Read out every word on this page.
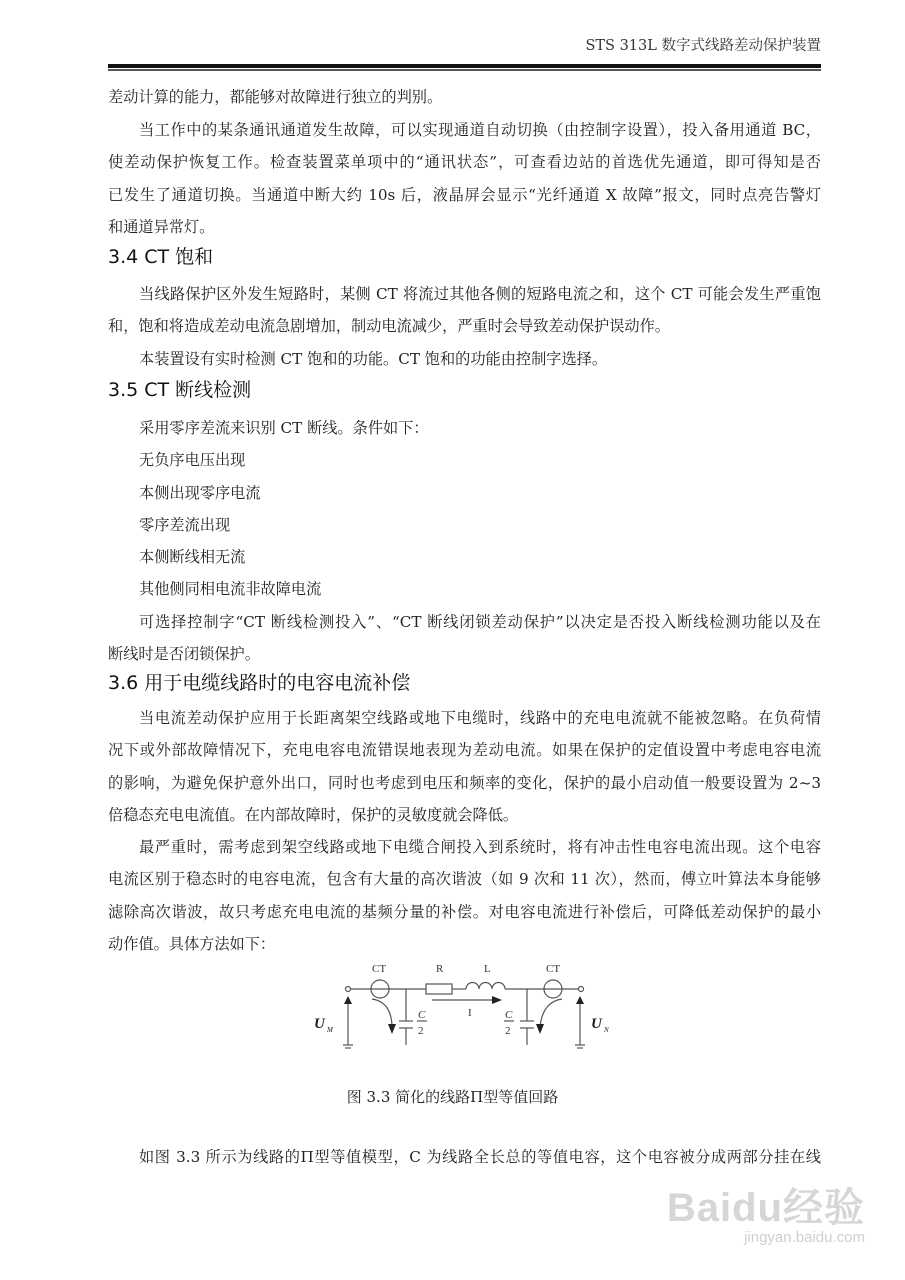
STS 313L 数字式线路差动保护装置
差动计算的能力，都能够对故障进行独立的判别。
当工作中的某条通讯通道发生故障，可以实现通道自动切换（由控制字设置），投入备用通道 BC，
使差动保护恢复工作。检查装置菜单项中的“通讯状态”，可查看边站的首选优先通道，即可得知是否
已发生了通道切换。当通道中断大约 10s 后，液晶屏会显示“光纤通道 X 故障”报文，同时点亮告警灯
和通道异常灯。
3.4 CT 饱和
当线路保护区外发生短路时，某侧 CT 将流过其他各侧的短路电流之和，这个 CT 可能会发生严重饱
和，饱和将造成差动电流急剧增加，制动电流减少，严重时会导致差动保护误动作。
本装置设有实时检测 CT 饱和的功能。CT 饱和的功能由控制字选择。
3.5 CT 断线检测
采用零序差流来识别 CT 断线。条件如下：
无负序电压出现
本侧出现零序电流
零序差流出现
本侧断线相无流
其他侧同相电流非故障电流
可选择控制字“CT 断线检测投入”、“CT 断线闭锁差动保护”以决定是否投入断线检测功能以及在
断线时是否闭锁保护。
3.6 用于电缆线路时的电容电流补偿
当电流差动保护应用于长距离架空线路或地下电缆时，线路中的充电电流就不能被忽略。在负荷情
况下或外部故障情况下，充电电容电流错误地表现为差动电流。如果在保护的定值设置中考虑电容电流
的影响，为避免保护意外出口，同时也考虑到电压和频率的变化，保护的最小启动值一般要设置为 2~3
倍稳态充电电流值。在内部故障时，保护的灵敏度就会降低。
最严重时，需考虑到架空线路或地下电缆合闸投入到系统时，将有冲击性电容电流出现。这个电容
电流区别于稳态时的电容电流，包含有大量的高次谐波（如 9 次和 11 次），然而，傅立叶算法本身能够
滤除高次谐波，故只考虑充电电流的基频分量的补偿。对电容电流进行补偿后，可降低差动保护的最小
动作值。具体方法如下：
CT	CT
R	L
I
C
2
C
2
U M	U N
图 3.3 简化的线路Π型等值回路
如图 3.3 所示为线路的Π型等值模型，C 为线路全长总的等值电容，这个电容被分成两部分挂在线
Baidu经验
jingyan.baidu.com
